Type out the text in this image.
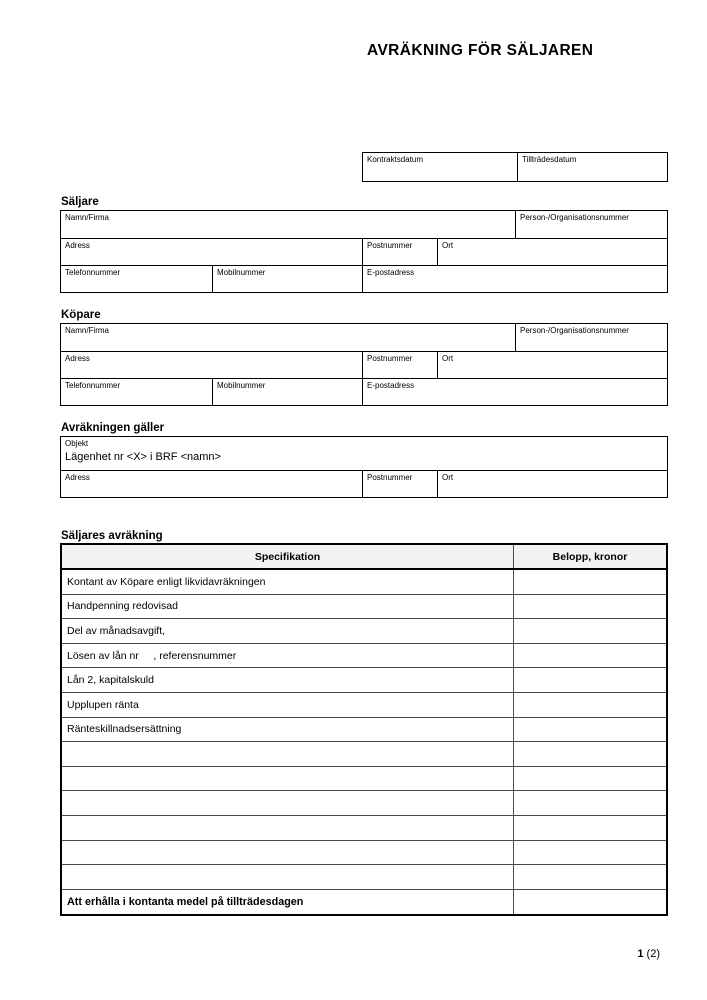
AVRÄKNING FÖR SÄLJAREN
Kontraktsdatum	Tillträdesdatum
Säljare
Namn/Firma	Person-/Organisationsnummer
Adress	Postnummer	Ort
Telefonnummer	Mobilnummer	E-postadress
Köpare
Namn/Firma	Person-/Organisationsnummer
Adress	Postnummer	Ort
Telefonnummer	Mobilnummer	E-postadress
Avräkningen gäller
Objekt
Lägenhet nr <X> i BRF <namn>
Adress	Postnummer	Ort
Säljares avräkning
Specifikation	Belopp, kronor
Kontant av Köpare enligt likvidavräkningen
Handpenning redovisad
Del av månadsavgift,
Lösen av lån nr     , referensnummer
Lån 2, kapitalskuld
Upplupen ränta
Ränteskillnadsersättning
Att erhålla i kontanta medel på tillträdesdagen
1 (2)
